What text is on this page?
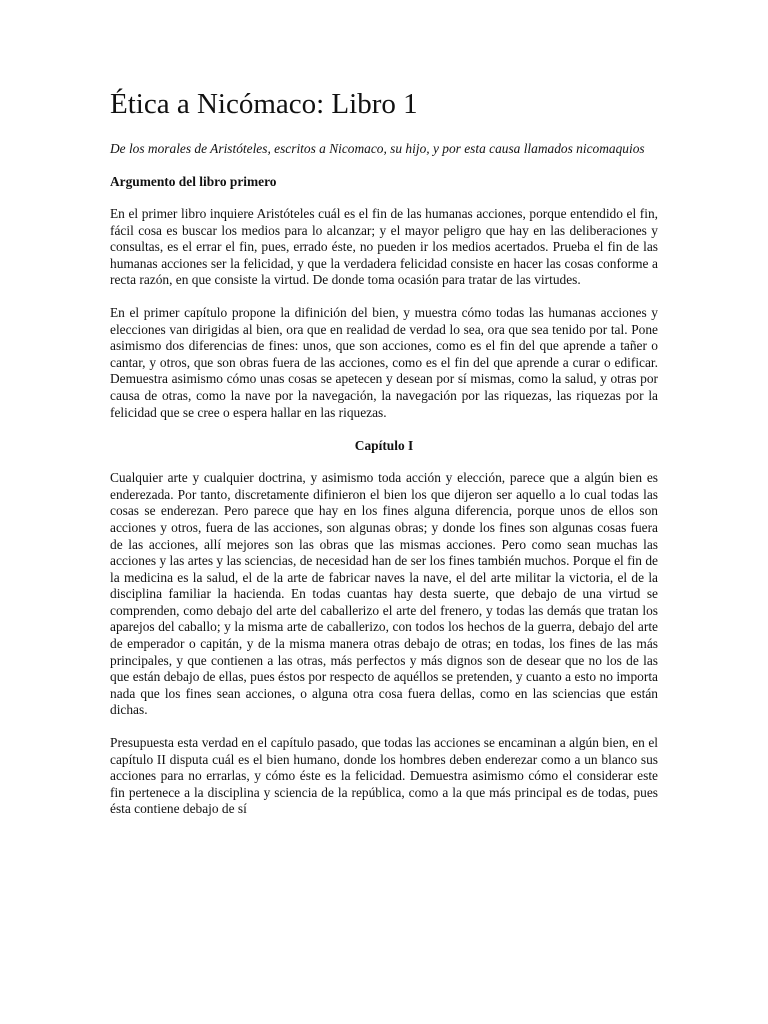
Ética a Nicómaco: Libro 1

De los morales de Aristóteles, escritos a Nicomaco, su hijo, y por esta causa llamados nicomaquios

Argumento del libro primero

En el primer libro inquiere Aristóteles cuál es el fin de las humanas acciones, porque entendido el fin, fácil cosa es buscar los medios para lo alcanzar; y el mayor peligro que hay en las deliberaciones y consultas, es el errar el fin, pues, errado éste, no pueden ir los medios acertados. Prueba el fin de las humanas acciones ser la felicidad, y que la verdadera felicidad consiste en hacer las cosas conforme a recta razón, en que consiste la virtud. De donde toma ocasión para tratar de las virtudes.

En el primer capítulo propone la difinición del bien, y muestra cómo todas las humanas acciones y elecciones van dirigidas al bien, ora que en realidad de verdad lo sea, ora que sea tenido por tal. Pone asimismo dos diferencias de fines: unos, que son acciones, como es el fin del que aprende a tañer o cantar, y otros, que son obras fuera de las acciones, como es el fin del que aprende a curar o edificar. Demuestra asimismo cómo unas cosas se apetecen y desean por sí mismas, como la salud, y otras por causa de otras, como la nave por la navegación, la navegación por las riquezas, las riquezas por la felicidad que se cree o espera hallar en las riquezas.

Capítulo I

Cualquier arte y cualquier doctrina, y asimismo toda acción y elección, parece que a algún bien es enderezada. Por tanto, discretamente difinieron el bien los que dijeron ser aquello a lo cual todas las cosas se enderezan. Pero parece que hay en los fines alguna diferencia, porque unos de ellos son acciones y otros, fuera de las acciones, son algunas obras; y donde los fines son algunas cosas fuera de las acciones, allí mejores son las obras que las mismas acciones. Pero como sean muchas las acciones y las artes y las sciencias, de necesidad han de ser los fines también muchos. Porque el fin de la medicina es la salud, el de la arte de fabricar naves la nave, el del arte militar la victoria, el de la disciplina familiar la hacienda. En todas cuantas hay desta suerte, que debajo de una virtud se comprenden, como debajo del arte del caballerizo el arte del frenero, y todas las demás que tratan los aparejos del caballo; y la misma arte de caballerizo, con todos los hechos de la guerra, debajo del arte de emperador o capitán, y de la misma manera otras debajo de otras; en todas, los fines de las más principales, y que contienen a las otras, más perfectos y más dignos son de desear que no los de las que están debajo de ellas, pues éstos por respecto de aquéllos se pretenden, y cuanto a esto no importa nada que los fines sean acciones, o alguna otra cosa fuera dellas, como en las sciencias que están dichas.

Presupuesta esta verdad en el capítulo pasado, que todas las acciones se encaminan a algún bien, en el capítulo II disputa cuál es el bien humano, donde los hombres deben enderezar como a un blanco sus acciones para no errarlas, y cómo éste es la felicidad. Demuestra asimismo cómo el considerar este fin pertenece a la disciplina y sciencia de la república, como a la que más principal es de todas, pues ésta contiene debajo de sí
